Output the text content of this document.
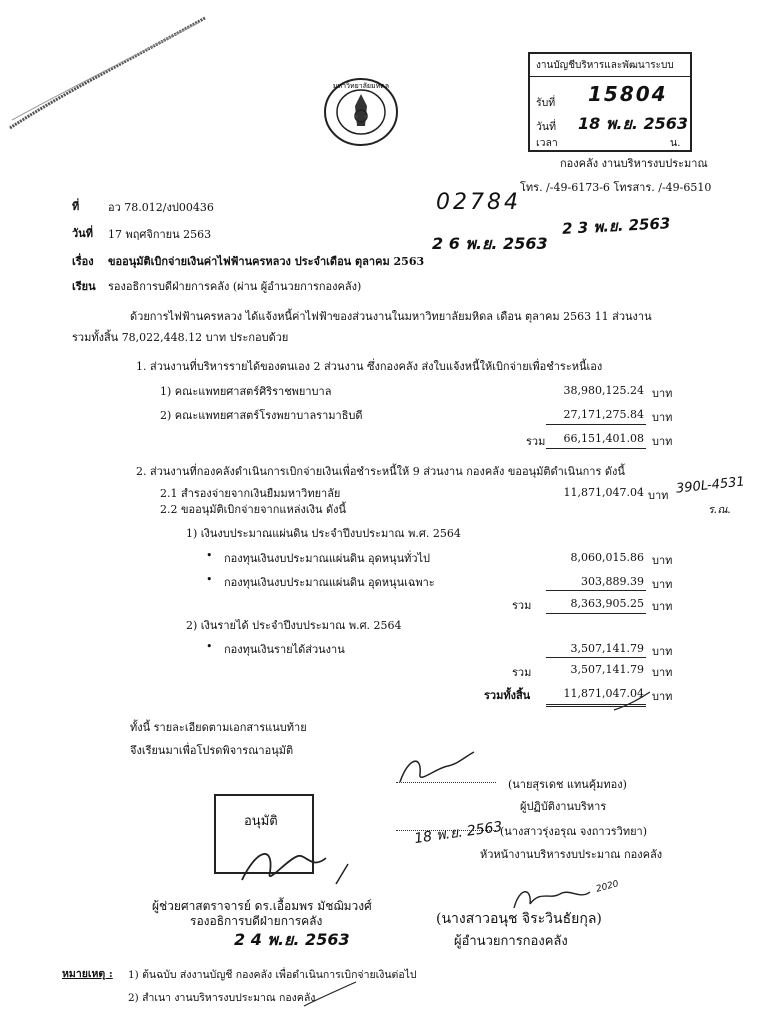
มหาวิทยาลัยมหิดล
งานบัญชีบริหารและพัฒนาระบบ
รับที่ 15804
วันที่ 18 พ.ย. 2563
เวลา	น.
กองคลัง งานบริหารงบประมาณ
โทร. /-49-6173-6 โทรสาร. /-49-6510
02784
2 6 พ.ย. 2563
2 3 พ.ย. 2563
ที่	อว 78.012/งป00436
วันที่ 17 พฤศจิกายน 2563
เรื่อง ขออนุมัติเบิกจ่ายเงินค่าไฟฟ้านครหลวง ประจำเดือน ตุลาคม 2563
เรียน รองอธิการบดีฝ่ายการคลัง (ผ่าน ผู้อำนวยการกองคลัง)
ด้วยการไฟฟ้านครหลวง ได้แจ้งหนี้ค่าไฟฟ้าของส่วนงานในมหาวิทยาลัยมหิดล เดือน ตุลาคม 2563 11 ส่วนงาน
รวมทั้งสิ้น 78,022,448.12 บาท ประกอบด้วย
1. ส่วนงานที่บริหารรายได้ของตนเอง 2 ส่วนงาน ซึ่งกองคลัง ส่งใบแจ้งหนี้ให้เบิกจ่ายเพื่อชำระหนี้เอง
1) คณะแพทยศาสตร์ศิริราชพยาบาล	38,980,125.24 บาท
2) คณะแพทยศาสตร์โรงพยาบาลรามาธิบดี	27,171,275.84 บาท
รวม	66,151,401.08 บาท
2. ส่วนงานที่กองคลังดำเนินการเบิกจ่ายเงินเพื่อชำระหนี้ให้ 9 ส่วนงาน กองคลัง ขออนุมัติดำเนินการ ดังนี้
2.1 สำรองจ่ายจากเงินยืมมหาวิทยาลัย	11,871,047.04 บาท 390L-4531
ร.ณ.
2.2 ขออนุมัติเบิกจ่ายจากแหล่งเงิน ดังนี้
1) เงินงบประมาณแผ่นดิน ประจำปีงบประมาณ พ.ศ. 2564
• กองทุนเงินงบประมาณแผ่นดิน อุดหนุนทั่วไป	8,060,015.86 บาท
• กองทุนเงินงบประมาณแผ่นดิน อุดหนุนเฉพาะ	303,889.39 บาท
รวม	8,363,905.25 บาท
2) เงินรายได้ ประจำปีงบประมาณ พ.ศ. 2564
• กองทุนเงินรายได้ส่วนงาน	3,507,141.79 บาท
รวม	3,507,141.79 บาท
รวมทั้งสิ้น	11,871,047.04 บาท
ทั้งนี้ รายละเอียดตามเอกสารแนบท้าย
จึงเรียนมาเพื่อโปรดพิจารณาอนุมัติ
(นายสุรเดช แทนคุ้มทอง)
ผู้ปฏิบัติงานบริหาร
18 พ.ย. 2563
(นางสาวรุ่งอรุณ จงถาวรวิทยา)
หัวหน้างานบริหารงบประมาณ กองคลัง
อนุมัติ
ผู้ช่วยศาสตราจารย์ ดร.เอื้อมพร มัชฌิมวงศ์
รองอธิการบดีฝ่ายการคลัง
2 4 พ.ย. 2563
2020
(นางสาวอนุช จิระวินธัยกุล)
ผู้อำนวยการกองคลัง
หมายเหตุ : 1) ต้นฉบับ ส่งงานบัญชี กองคลัง เพื่อดำเนินการเบิกจ่ายเงินต่อไป
2) สำเนา งานบริหารงบประมาณ กองคลัง
